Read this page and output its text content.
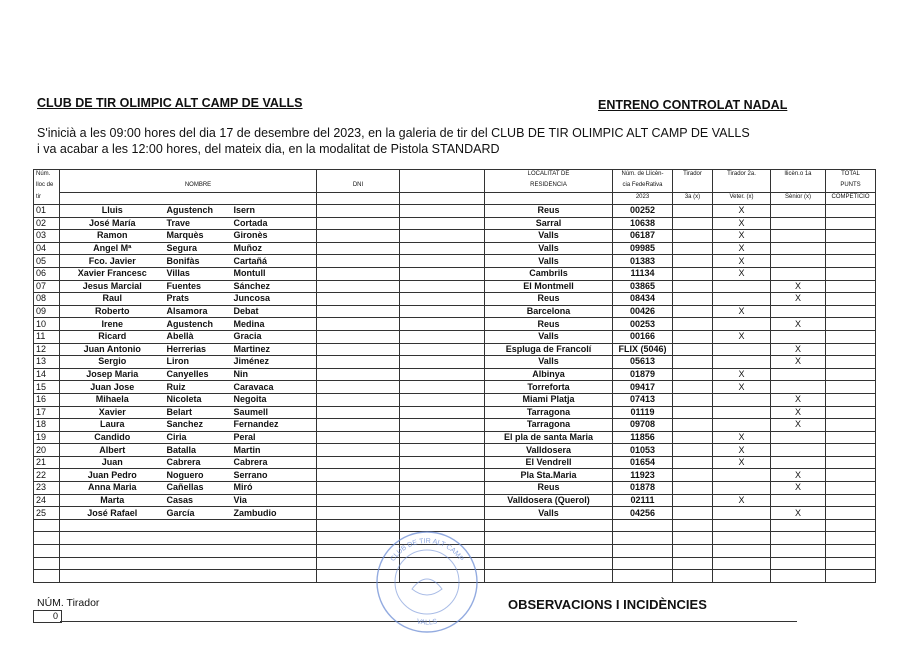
CLUB DE TIR OLIMPIC ALT CAMP DE VALLS	ENTRENO CONTROLAT NADAL
S'inicià a les 09:00 hores del dia 17 de desembre del 2023, en la galeria de tir del CLUB DE TIR OLIMPIC ALT CAMP DE VALLS
i va acabar a les 12:00 hores, del mateix dia, en la modalitat de Pistola STANDARD
Núm.						LOCALITAT DE	Núm. de Llicèn-	Tirador	Tirador 2a.	llicèn.o 1a	TOTAL
lloc de		NOMBRE		DNI		RESIDÈNCIA	cia FedeRativa				PUNTS
tir							2023	3a (x)	Veter. (x)	Sènior (x)	COMPETICIÓ
01	Lluis	Agustench	Isern			Reus	00252		X		
02	José María	Trave	Cortada			Sarral	10638		X		
03	Ramon	Marquès	Gironès			Valls	06187		X		
04	Angel Mª	Segura	Muñoz			Valls	09985		X		
05	Fco. Javier	Bonifàs	Cartañá			Valls	01383		X		
06	Xavier Francesc	Villas	Montull			Cambrils	11134		X		
07	Jesus Marcial	Fuentes	Sánchez			El Montmell	03865			X	
08	Raul	Prats	Juncosa			Reus	08434			X	
09	Roberto	Alsamora	Debat			Barcelona	00426		X		
10	Irene	Agustench	Medina			Reus	00253			X	
11	Ricard	Abellà	Gracia			Valls	00166		X		
12	Juan Antonio	Herrerias	Martinez			Espluga de Francolí	FLIX (5046)			X	
13	Sergio	Liron	Jiménez			Valls	05613			X	
14	Josep Maria	Canyelles	Nin			Albinya	01879		X		
15	Juan Jose	Ruiz	Caravaca			Torreforta	09417		X		
16	Mihaela	Nicoleta	Negoita			Miami Platja	07413			X	
17	Xavier	Belart	Saumell			Tarragona	01119			X	
18	Laura	Sanchez	Fernandez			Tarragona	09708			X	
19	Candido	Ciria	Peral			El pla de santa Maria	11856		X		
20	Albert	Batalla	Martin			Valldosera	01053		X		
21	Juan	Cabrera	Cabrera			El Vendrell	01654		X		
22	Juan Pedro	Noguero	Serrano			Pla Sta.Maria	11923			X	
23	Anna Maria	Cañellas	Miró			Reus	01878			X	
24	Marta	Casas	Via			Valldosera (Querol)	02111		X		
25	José Rafael	García	Zambudio			Valls	04256			X	

NÚM. Tirador
0
OBSERVACIONS I INCIDÈNCIES
CLUB DE TIR ALT CAMP
VALLS
